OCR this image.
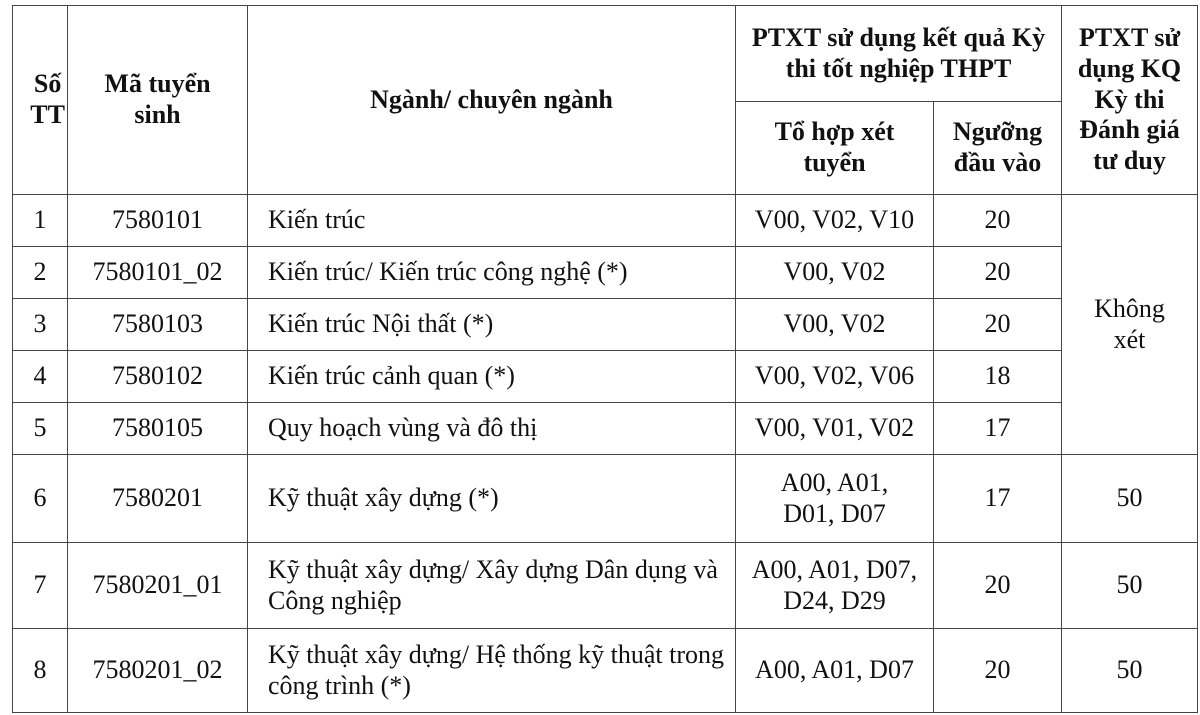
Số TT	Mã tuyển sinh	Ngành/ chuyên ngành	PTXT sử dụng kết quả Kỳ thi tốt nghiệp THPT		PTXT sử dụng KQ Kỳ thi Đánh giá tư duy

			Tổ hợp xét tuyển	Ngưỡng đầu vào	

1	7580101	Kiến trúc	V00, V02, V10	20	Không xét

2	7580101_02	Kiến trúc/ Kiến trúc công nghệ (*)	V00, V02	20	
3	7580103	Kiến trúc Nội thất (*)	V00, V02	20	
4	7580102	Kiến trúc cảnh quan (*)	V00, V02, V06	18	
5	7580105	Quy hoạch vùng và đô thị	V00, V01, V02	17	
6	7580201	Kỹ thuật xây dựng (*)	A00, A01, D01, D07	17	50
7	7580201_01	Kỹ thuật xây dựng/ Xây dựng Dân dụng và Công nghiệp	A00, A01, D07, D24, D29	20	50
8	7580201_02	Kỹ thuật xây dựng/ Hệ thống kỹ thuật trong công trình (*)	A00, A01, D07	20	50
